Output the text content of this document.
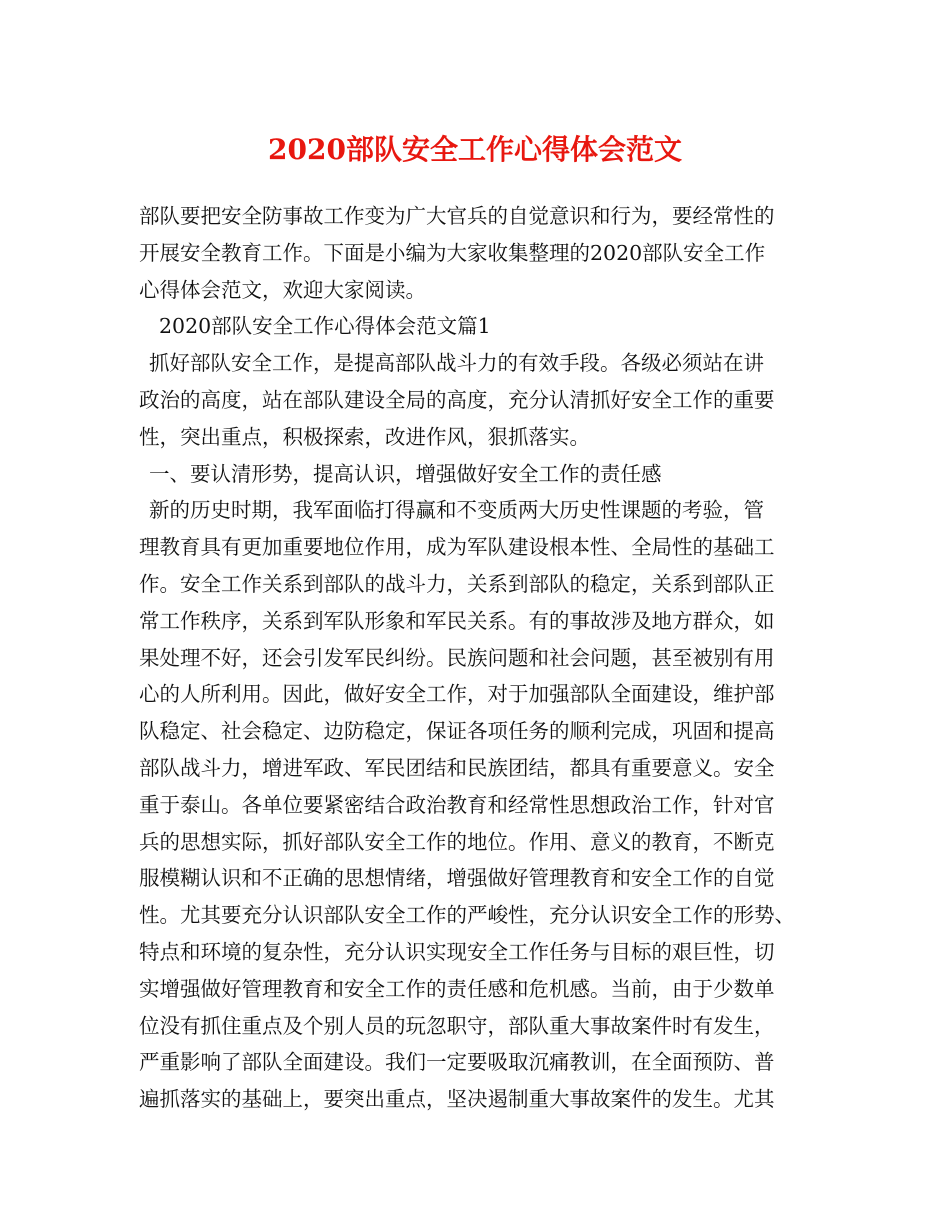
2020部队安全工作心得体会范文
部队要把安全防事故工作变为广大官兵的自觉意识和行为，要经常性的
开展安全教育工作。下面是小编为大家收集整理的2020部队安全工作
心得体会范文，欢迎大家阅读。
2020部队安全工作心得体会范文篇1
抓好部队安全工作，是提高部队战斗力的有效手段。各级必须站在讲
政治的高度，站在部队建设全局的高度，充分认清抓好安全工作的重要
性，突出重点，积极探索，改进作风，狠抓落实。
一、要认清形势，提高认识，增强做好安全工作的责任感
新的历史时期，我军面临打得赢和不变质两大历史性课题的考验，管
理教育具有更加重要地位作用，成为军队建设根本性、全局性的基础工
作。安全工作关系到部队的战斗力，关系到部队的稳定，关系到部队正
常工作秩序，关系到军队形象和军民关系。有的事故涉及地方群众，如
果处理不好，还会引发军民纠纷。民族问题和社会问题，甚至被别有用
心的人所利用。因此，做好安全工作，对于加强部队全面建设，维护部
队稳定、社会稳定、边防稳定，保证各项任务的顺利完成，巩固和提高
部队战斗力，增进军政、军民团结和民族团结，都具有重要意义。安全
重于泰山。各单位要紧密结合政治教育和经常性思想政治工作，针对官
兵的思想实际，抓好部队安全工作的地位。作用、意义的教育，不断克
服模糊认识和不正确的思想情绪，增强做好管理教育和安全工作的自觉
性。尤其要充分认识部队安全工作的严峻性，充分认识安全工作的形势、
特点和环境的复杂性，充分认识实现安全工作任务与目标的艰巨性，切
实增强做好管理教育和安全工作的责任感和危机感。当前，由于少数单
位没有抓住重点及个别人员的玩忽职守，部队重大事故案件时有发生，
严重影响了部队全面建设。我们一定要吸取沉痛教训，在全面预防、普
遍抓落实的基础上，要突出重点，坚决遏制重大事故案件的发生。尤其
